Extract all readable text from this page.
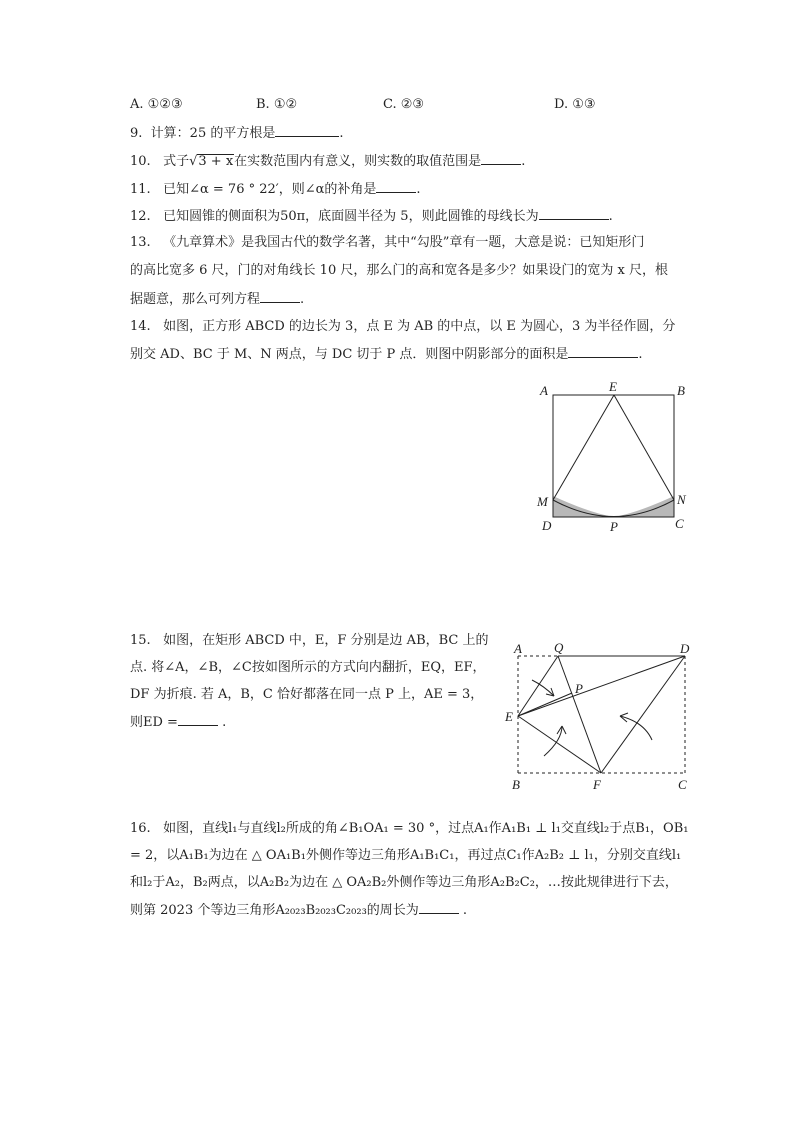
A. ①②③	B. ①②	C. ②③	D. ①③
9. 计算：25 的平方根是	.
10. 式子√3 + x在实数范围内有意义，则实数的取值范围是	.
11. 已知∠α = 76 ° 22′，则∠α的补角是	.
12. 已知圆锥的侧面积为50π，底面圆半径为 5，则此圆锥的母线长为	.
13. 《九章算术》是我国古代的数学名著，其中“勾股”章有一题，大意是说：已知矩形门
的高比宽多 6 尺，门的对角线长 10 尺，那么门的高和宽各是多少？如果设门的宽为 x 尺，根
据题意，那么可列方程	.
14. 如图，正方形 ABCD 的边长为 3，点 E 为 AB 的中点，以 E 为圆心，3 为半径作圆，分
别交 AD、BC 于 M、N 两点，与 DC 切于 P 点．则图中阴影部分的面积是	.
A	E	B
M	N
D	P	C
15. 如图，在矩形 ABCD 中，E，F 分别是边 AB，BC 上的
点. 将∠A，∠B，∠C按如图所示的方式向内翻折，EQ，EF，
DF 为折痕. 若 A，B，C 恰好都落在同一点 P 上，AE = 3，
则ED =	.
A Q	D
P
E
B	F	C
16. 如图，直线l₁与直线l₂所成的角∠B₁OA₁ = 30 °，过点A₁作A₁B₁ ⊥ l₁交直线l₂于点B₁，OB₁
= 2，以A₁B₁为边在 △ OA₁B₁外侧作等边三角形A₁B₁C₁，再过点C₁作A₂B₂ ⊥ l₁，分别交直线l₁
和l₂于A₂，B₂两点，以A₂B₂为边在 △ OA₂B₂外侧作等边三角形A₂B₂C₂，…按此规律进行下去，
则第 2023 个等边三角形A₂₀₂₃B₂₀₂₃C₂₀₂₃的周长为	.
